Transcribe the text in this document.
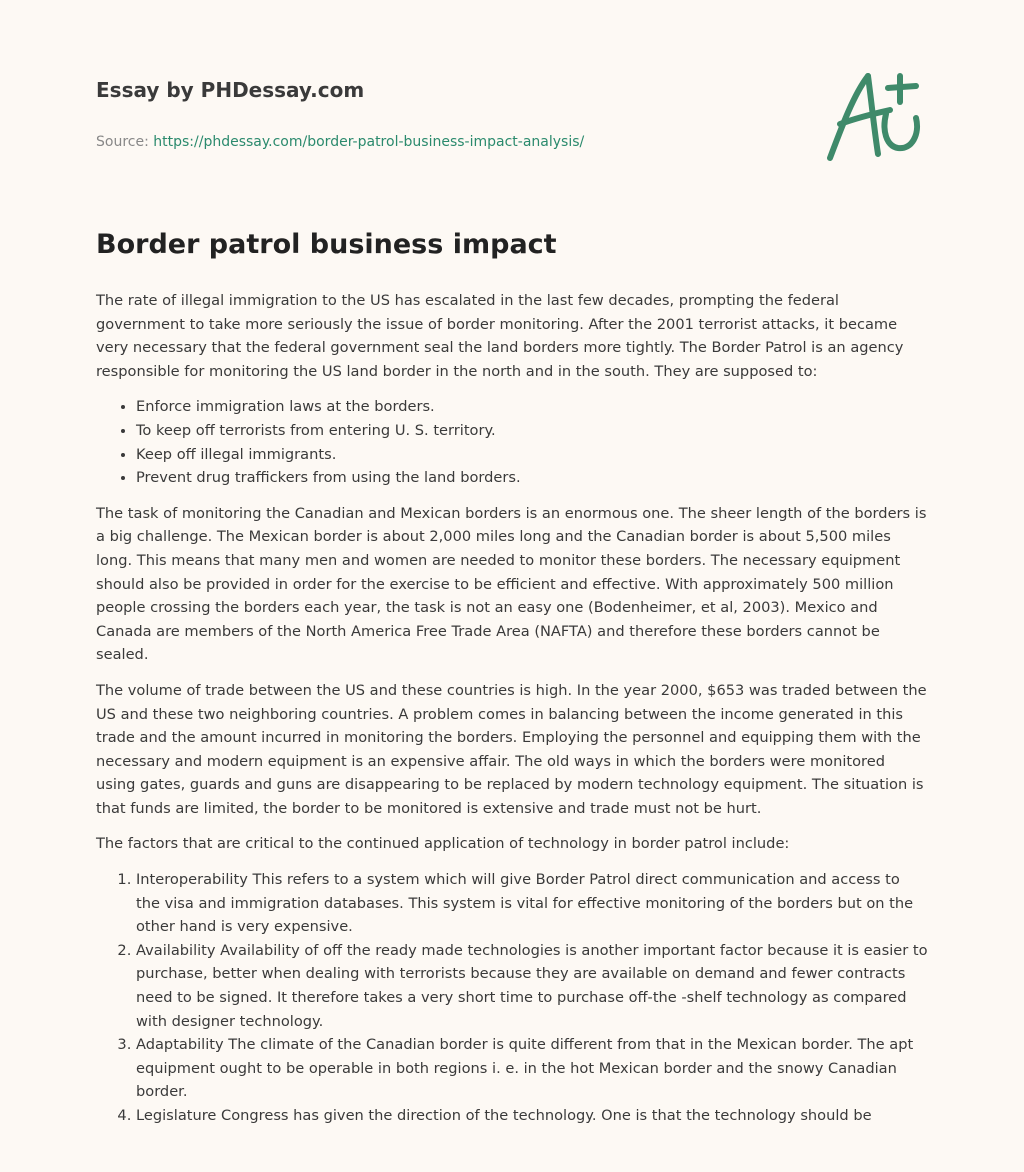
Essay by PHDessay.com
Source: https://phdessay.com/border-patrol-business-impact-analysis/
Border patrol business impact

The rate of illegal immigration to the US has escalated in the last few decades, prompting the federal government to take more seriously the issue of border monitoring. After the 2001 terrorist attacks, it became very necessary that the federal government seal the land borders more tightly. The Border Patrol is an agency responsible for monitoring the US land border in the north and in the south. They are supposed to:

• Enforce immigration laws at the borders.
• To keep off terrorists from entering U. S. territory.
• Keep off illegal immigrants.
• Prevent drug traffickers from using the land borders.

The task of monitoring the Canadian and Mexican borders is an enormous one. The sheer length of the borders is a big challenge. The Mexican border is about 2,000 miles long and the Canadian border is about 5,500 miles long. This means that many men and women are needed to monitor these borders. The necessary equipment should also be provided in order for the exercise to be efficient and effective. With approximately 500 million people crossing the borders each year, the task is not an easy one (Bodenheimer, et al, 2003). Mexico and Canada are members of the North America Free Trade Area (NAFTA) and therefore these borders cannot be sealed.

The volume of trade between the US and these countries is high. In the year 2000, $653 was traded between the US and these two neighboring countries. A problem comes in balancing between the income generated in this trade and the amount incurred in monitoring the borders. Employing the personnel and equipping them with the necessary and modern equipment is an expensive affair. The old ways in which the borders were monitored using gates, guards and guns are disappearing to be replaced by modern technology equipment. The situation is that funds are limited, the border to be monitored is extensive and trade must not be hurt.

The factors that are critical to the continued application of technology in border patrol include:

1. Interoperability This refers to a system which will give Border Patrol direct communication and access to the visa and immigration databases. This system is vital for effective monitoring of the borders but on the other hand is very expensive.
2. Availability Availability of off the ready made technologies is another important factor because it is easier to purchase, better when dealing with terrorists because they are available on demand and fewer contracts need to be signed. It therefore takes a very short time to purchase off-the -shelf technology as compared with designer technology.
3. Adaptability The climate of the Canadian border is quite different from that in the Mexican border. The apt equipment ought to be operable in both regions i. e. in the hot Mexican border and the snowy Canadian border.
4. Legislature Congress has given the direction of the technology. One is that the technology should be
